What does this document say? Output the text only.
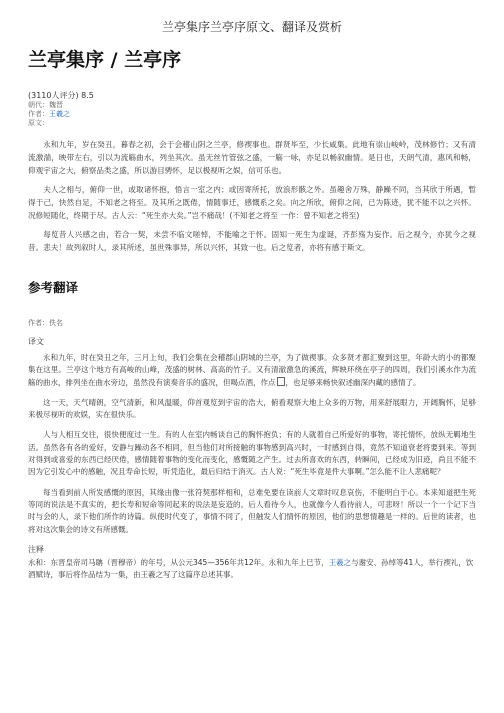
兰亭集序兰亭序原文、翻译及赏析
兰亭集序 / 兰亭序
(3110人评分) 8.5
朝代：魏晋
作者：王羲之
原文：

永和九年，岁在癸丑，暮春之初，会于会稽山阴之兰亭，修禊事也。群贤毕至，少长咸集。此地有崇山峻岭，茂林修竹；又有清流激湍，映带左右，引以为流觞曲水，列坐其次。虽无丝竹管弦之盛，一觞一咏，亦足以畅叙幽情。是日也，天朗气清，惠风和畅，仰观宇宙之大，俯察品类之盛，所以游目骋怀，足以极视听之娱，信可乐也。

夫人之相与，俯仰一世，或取诸怀抱，悟言一室之内；或因寄所托，放浪形骸之外。虽趣舍万殊，静躁不同，当其欣于所遇，暂得于己，快然自足，不知老之将至。及其所之既倦，情随事迁，感慨系之矣。向之所欣，俯仰之间，已为陈迹，犹不能不以之兴怀。况修短随化，终期于尽。古人云：“死生亦大矣。”岂不痛哉！(不知老之将至 一作：曾不知老之将至)

每览昔人兴感之由，若合一契，未尝不临文嗟悼，不能喻之于怀。固知一死生为虚诞，齐彭殇为妄作。后之视今，亦犹今之视昔。悲夫！故列叙时人，录其所述，虽世殊事异，所以兴怀，其致一也。后之览者，亦将有感于斯文。

参考翻译
作者：佚名
译文

永和九年，时在癸丑之年，三月上旬，我们会集在会稽郡山阴城的兰亭，为了做禊事。众多贤才都汇聚到这里，年龄大的小的都聚集在这里。兰亭这个地方有高峻的山峰，茂盛的树林、高高的竹子。又有清澈激急的溪流，辉映环绕在亭子的四周，我们引溪水作为流觞的曲水，排列坐在曲水旁边，虽然没有演奏音乐的盛况，但喝点酒，作点 ，也足够来畅快叙述幽深内藏的感情了。

这一天，天气晴朗，空气清新，和风温暖，仰首观览到宇宙的浩大，俯看观察大地上众多的万物，用来舒展眼力，开阔胸怀，足够来极尽视听的欢娱，实在很快乐。

人与人相互交往，很快便度过一生。有的人在室内畅谈自己的胸怀抱负；有的人就着自己所爱好的事物，寄托情怀，放纵无羁地生活。虽然各有各的爱好，安静与躁动各不相同，但当他们对所接触的事物感到高兴时，一时感到自得，竟然不知道衰老将要到来。等到对得到或喜爱的东西已经厌倦，感情随着事物的变化而变化，感慨随之产生。过去所喜欢的东西，转瞬间，已经成为旧迹，尚且不能不因为它引发心中的感触，况且寿命长短，听凭造化，最后归结于消灭。古人说：“死生毕竟是件大事啊。”怎么能不让人悲痛呢？

每当看到前人所发感慨的原因，其缘由像一张符契那样相和，总难免要在读前人文章时叹息哀伤，不能明白于心。本来知道把生死等同的说法是不真实的，把长寿和短命等同起来的说法是妄造的。后人看待今人，也就像今人看待前人，可悲呀！所以一个一个记下当时与会的人，录下他们所作的诗篇。纵使时代变了，事情不同了，但触发人们情怀的原因，他们的思想情趣是一样的。后世的读者，也将对这次集会的诗文有所感慨。

注释

永和：东晋皇帝司马聃（晋穆帝）的年号，从公元345—356年共12年。永和九年上巳节，王羲之与谢安、孙绰等41人，举行禊礼，饮酒赋诗，事后将作品结为一集，由王羲之写了这篇序总述其事。
